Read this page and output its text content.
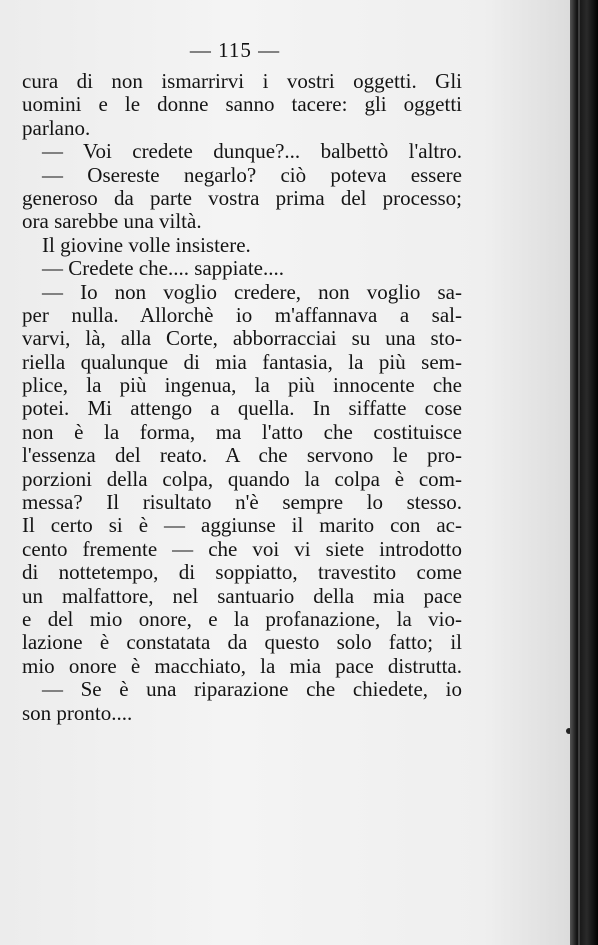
— 115 —
cura di non ismarrirvi i vostri oggetti. Gli
uomini e le donne sanno tacere: gli oggetti
parlano.
— Voi credete dunque?... balbettò l'altro.
— Osereste negarlo? ciò poteva essere
generoso da parte vostra prima del processo;
ora sarebbe una viltà.
Il giovine volle insistere.
— Credete che.... sappiate....
— Io non voglio credere, non voglio sa-
per nulla. Allorchè io m'affannava a sal-
varvi, là, alla Corte, abborracciai su una sto-
riella qualunque di mia fantasia, la più sem-
plice, la più ingenua, la più innocente che
potei. Mi attengo a quella. In siffatte cose
non è la forma, ma l'atto che costituisce
l'essenza del reato. A che servono le pro-
porzioni della colpa, quando la colpa è com-
messa? Il risultato n'è sempre lo stesso.
Il certo si è — aggiunse il marito con ac-
cento fremente — che voi vi siete introdotto
di nottetempo, di soppiatto, travestito come
un malfattore, nel santuario della mia pace
e del mio onore, e la profanazione, la vio-
lazione è constatata da questo solo fatto; il
mio onore è macchiato, la mia pace distrutta.
— Se è una riparazione che chiedete, io
son pronto....
